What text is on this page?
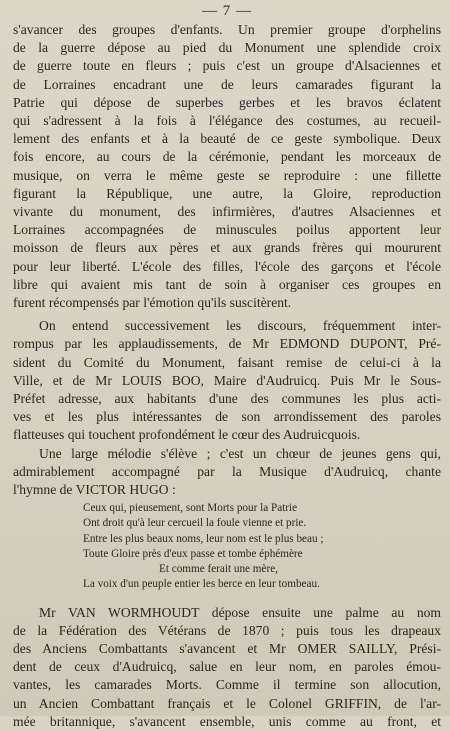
— 7 —
s'avancer des groupes d'enfants. Un premier groupe d'orphelins
de la guerre dépose au pied du Monument une splendide croix
de guerre toute en fleurs ; puis c'est un groupe d'Alsaciennes et
de Lorraines encadrant une de leurs camarades figurant la
Patrie qui dépose de superbes gerbes et les bravos éclatent
qui s'adressent à la fois à l'élégance des costumes, au recueil-
lement des enfants et à la beauté de ce geste symbolique. Deux
fois encore, au cours de la cérémonie, pendant les morceaux de
musique, on verra le même geste se reproduire : une fillette
figurant la République, une autre, la Gloire, reproduction
vivante du monument, des infirmières, d'autres Alsaciennes et
Lorraines accompagnées de minuscules poilus apportent leur
moisson de fleurs aux pères et aux grands frères qui moururent
pour leur liberté. L'école des filles, l'école des garçons et l'école
libre qui avaient mis tant de soin à organiser ces groupes en
furent récompensés par l'émotion qu'ils suscitèrent.
On entend successivement les discours, fréquemment inter-
rompus par les applaudissements, de Mr EDMOND DUPONT, Pré-
sident du Comité du Monument, faisant remise de celui-ci à la
Ville, et de Mr LOUIS BOO, Maire d'Audruicq. Puis Mr le Sous-
Préfet adresse, aux habitants d'une des communes les plus acti-
ves et les plus intéressantes de son arrondissement des paroles
flatteuses qui touchent profondément le cœur des Audruicquois.
Une large mélodie s'élève ; c'est un chœur de jeunes gens qui,
admirablement accompagné par la Musique d'Audruicq, chante
l'hymne de VICTOR HUGO :
Ceux qui, pieusement, sont Morts pour la Patrie
Ont droit qu'à leur cercueil la foule vienne et prie.
Entre les plus beaux noms, leur nom est le plus beau ;
Toute Gloire près d'eux passe et tombe éphémère
Et comme ferait une mère,
La voix d'un peuple entier les berce en leur tombeau.
Mr VAN WORMHOUDT dépose ensuite une palme au nom
de la Fédération des Vétérans de 1870 ; puis tous les drapeaux
des Anciens Combattants s'avancent et Mr OMER SAILLY, Prési-
dent de ceux d'Audruicq, salue en leur nom, en paroles émou-
vantes, les camarades Morts. Comme il termine son allocution,
un Ancien Combattant français et le Colonel GRIFFIN, de l'ar-
mée britannique, s'avancent ensemble, unis comme au front, et
